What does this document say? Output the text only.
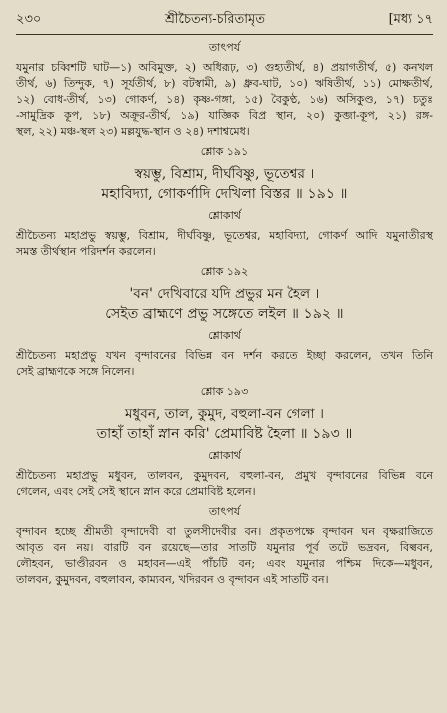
২৩০	শ্রীচৈতন্য-চরিতামৃত	[মধ্য ১৭
তাৎপর্য

যমুনার চব্বিশটি ঘাট—১) অবিমুক্ত, ২) অধিরূঢ়, ৩) গুহ্যতীর্থ, ৪) প্রয়াগতীর্থ, ৫) কনখল

তীর্থ, ৬) তিন্দুক, ৭) সূর্যতীর্থ, ৮) বটস্বামী, ৯) ধ্রুব-ঘাট, ১০) ঋষিতীর্থ, ১১) মোক্ষতীর্থ,

১২) বোধ-তীর্থ, ১৩) গোকর্ণ, ১৪) কৃষ্ণ-গঙ্গা, ১৫) বৈকুণ্ঠ, ১৬) অসিকুণ্ড, ১৭) চতুঃ

-সামুদ্রিক কূপ, ১৮) অক্রূর-তীর্থ, ১৯) যাজ্ঞিক বিপ্র স্থান, ২০) কুব্জা-কূপ, ২১) রঙ্গ-

স্থল, ২২) মঞ্চ-স্থল ২৩) মল্লযুদ্ধ-স্থান ও ২৪) দশাশ্বমেধ।

শ্লোক ১৯১

স্বয়ম্ভু, বিশ্রাম, দীর্ঘবিষ্ণু, ভূতেশ্বর ।

মহাবিদ্যা, গোকর্ণাদি দেখিলা বিস্তর ॥ ১৯১ ॥

শ্লোকার্থ

শ্রীচৈতন্য মহাপ্রভু স্বয়ম্ভু, বিশ্রাম, দীর্ঘবিষ্ণু, ভূতেশ্বর, মহাবিদ্যা, গোকর্ণ আদি যমুনাতীরস্থ

সমস্ত তীর্থস্থান পরিদর্শন করলেন।

শ্লোক ১৯২

'বন' দেখিবারে যদি প্রভুর মন হৈল ।

সেইত ব্রাহ্মণে প্রভু সঙ্গেতে লইল ॥ ১৯২ ॥

শ্লোকার্থ

শ্রীচৈতন্য মহাপ্রভু যখন বৃন্দাবনের বিভিন্ন বন দর্শন করতে ইচ্ছা করলেন, তখন তিনি

সেই ব্রাহ্মণকে সঙ্গে নিলেন।

শ্লোক ১৯৩

মধুবন, তাল, কুমুদ, বহুলা-বন গেলা ।

তাহাঁ তাহাঁ স্নান করি' প্রেমাবিষ্ট হৈলা ॥ ১৯৩ ॥

শ্লোকার্থ

শ্রীচৈতন্য মহাপ্রভু মধুবন, তালবন, কুমুদবন, বহুলা-বন, প্রমুখ বৃন্দাবনের বিভিন্ন বনে

গেলেন, এবং সেই সেই স্থানে স্নান করে প্রেমাবিষ্ট হলেন।

তাৎপর্য

বৃন্দাবন হচ্ছে শ্রীমতী বৃন্দাদেবী বা তুলসীদেবীর বন। প্রকৃতপক্ষে বৃন্দাবন ঘন বৃক্ষরাজিতে

আবৃত বন নয়। বারটি বন রয়েছে—তার সাতটি যমুনার পূর্ব তটে ভদ্রবন, বিল্ববন,

লৌহবন, ভাণ্ডীরবন ও মহাবন—এই পাঁচটি বন; এবং যমুনার পশ্চিম দিকে—মধুবন,

তালবন, কুমুদবন, বহুলাবন, কাম্যবন, খদিরবন ও বৃন্দাবন এই সাতটি বন।
